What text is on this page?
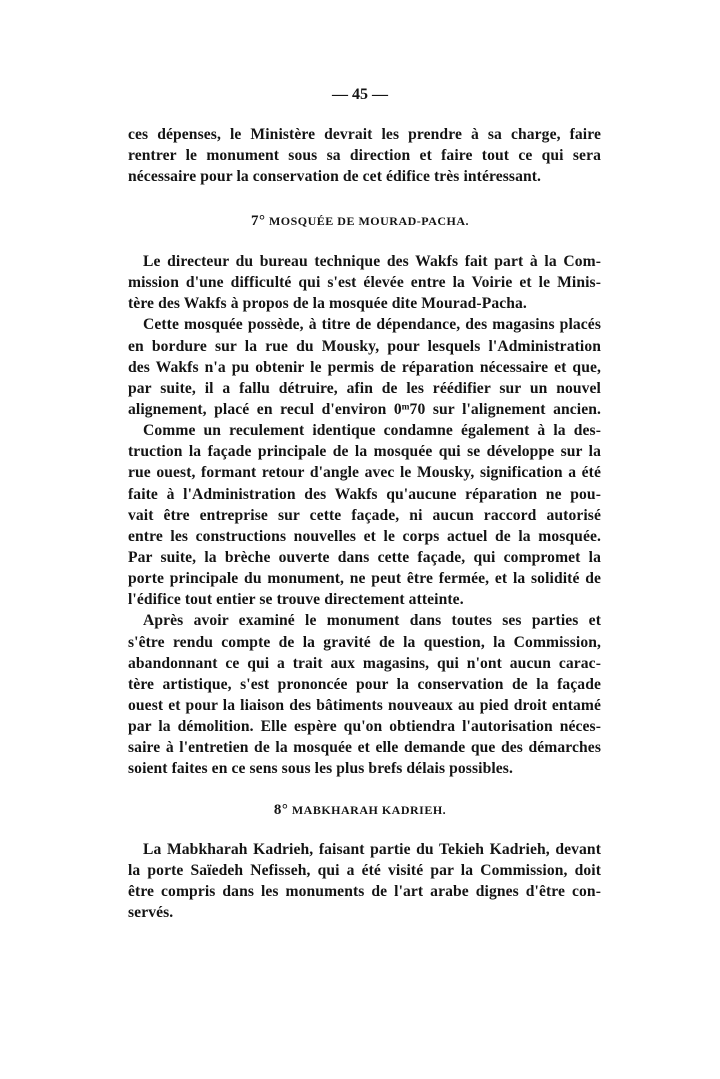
— 45 —
ces dépenses, le Ministère devrait les prendre à sa charge, faire
rentrer le monument sous sa direction et faire tout ce qui sera
nécessaire pour la conservation de cet édifice très intéressant.
7° MOSQUÉE DE MOURAD-PACHA.
Le directeur du bureau technique des Wakfs fait part à la Com-
mission d'une difficulté qui s'est élevée entre la Voirie et le Minis-
tère des Wakfs à propos de la mosquée dite Mourad-Pacha.
Cette mosquée possède, à titre de dépendance, des magasins placés
en bordure sur la rue du Mousky, pour lesquels l'Administration
des Wakfs n'a pu obtenir le permis de réparation nécessaire et que,
par suite, il a fallu détruire, afin de les réédifier sur un nouvel
alignement, placé en recul d'environ 0ᵐ70 sur l'alignement ancien.
Comme un reculement identique condamne également à la des-
truction la façade principale de la mosquée qui se développe sur la
rue ouest, formant retour d'angle avec le Mousky, signification a été
faite à l'Administration des Wakfs qu'aucune réparation ne pou-
vait être entreprise sur cette façade, ni aucun raccord autorisé
entre les constructions nouvelles et le corps actuel de la mosquée.
Par suite, la brèche ouverte dans cette façade, qui compromet la
porte principale du monument, ne peut être fermée, et la solidité de
l'édifice tout entier se trouve directement atteinte.
Après avoir examiné le monument dans toutes ses parties et
s'être rendu compte de la gravité de la question, la Commission,
abandonnant ce qui a trait aux magasins, qui n'ont aucun carac-
tère artistique, s'est prononcée pour la conservation de la façade
ouest et pour la liaison des bâtiments nouveaux au pied droit entamé
par la démolition. Elle espère qu'on obtiendra l'autorisation néces-
saire à l'entretien de la mosquée et elle demande que des démarches
soient faites en ce sens sous les plus brefs délais possibles.
8° MABKHARAH KADRIEH.
La Mabkharah Kadrieh, faisant partie du Tekieh Kadrieh, devant
la porte Saïedeh Nefisseh, qui a été visité par la Commission, doit
être compris dans les monuments de l'art arabe dignes d'être con-
servés.
